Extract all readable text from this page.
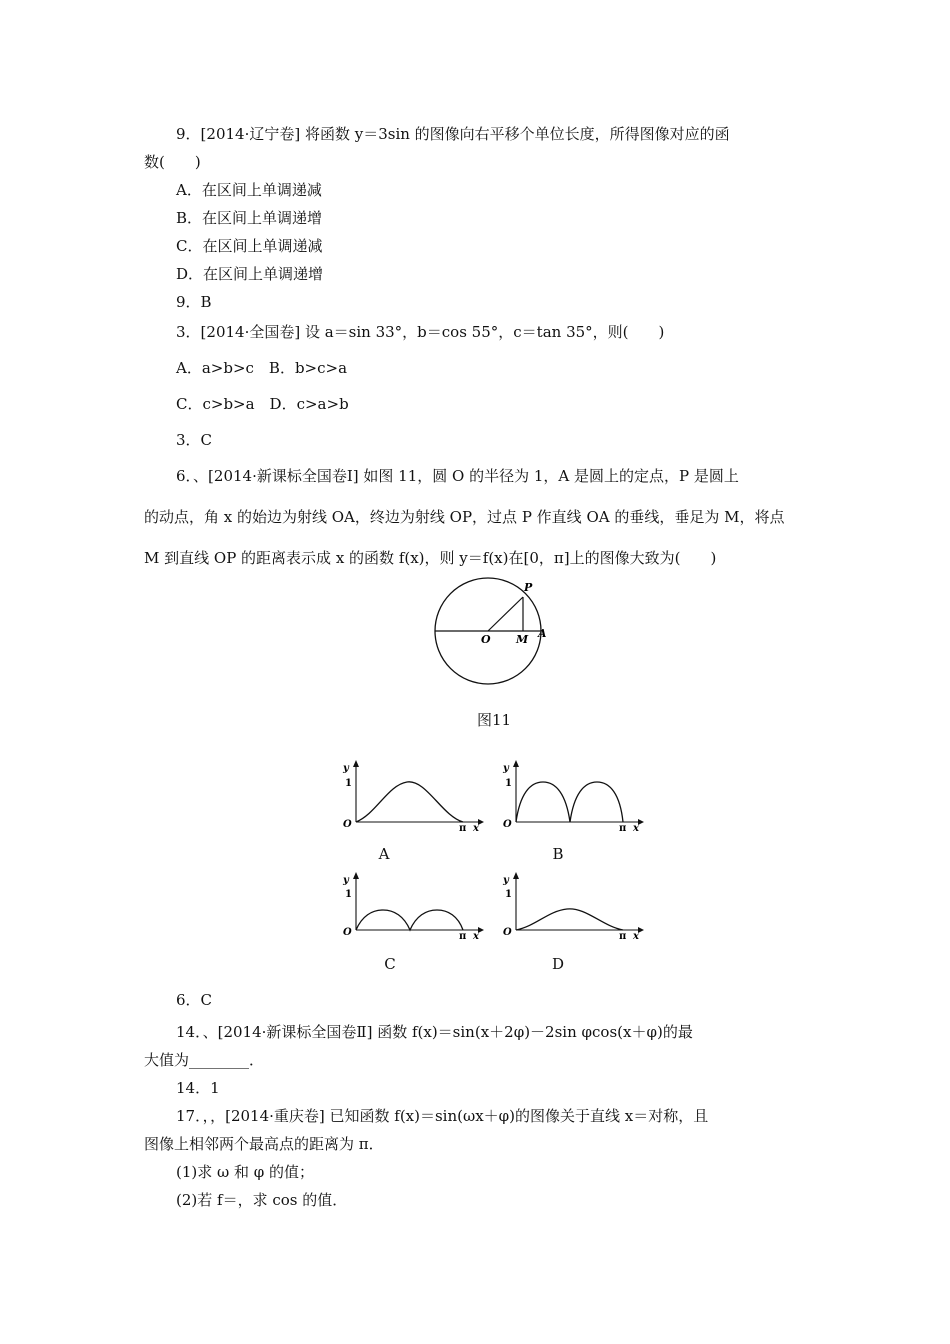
9．[2014·辽宁卷] 将函数 y＝3sin 的图像向右平移个单位长度，所得图像对应的函
数(　　)
A．在区间上单调递减
B．在区间上单调递增
C．在区间上单调递减
D．在区间上单调递增
9．B
3．[2014·全国卷] 设 a＝sin 33°，b＝cos 55°，c＝tan 35°，则(　　)
A．a>b>c　B．b>c>a
C．c>b>a　D．c>a>b
3．C
6．、[2014·新课标全国卷Ⅰ] 如图 11，圆 O 的半径为 1，A 是圆上的定点，P 是圆上
的动点，角 x 的始边为射线 OA，终边为射线 OP，过点 P 作直线 OA 的垂线，垂足为 M，将点
M 到直线 OP 的距离表示成 x 的函数 f(x)，则 y＝f(x)在[0，π]上的图像大致为(　　)
P
O M A
图11
y
1
O	π x
A
y
1
O	π x
B
y
1
O	π x
C
y
1
O	π x
D
6．C
14．、[2014·新课标全国卷Ⅱ] 函数 f(x)＝sin(x＋2φ)－2sin φcos(x＋φ)的最
大值为________．
14．1
17．，，[2014·重庆卷] 已知函数 f(x)＝sin(ωx＋φ)的图像关于直线 x＝对称，且
图像上相邻两个最高点的距离为 π．
(1)求 ω 和 φ 的值；
(2)若 f＝，求 cos 的值．
